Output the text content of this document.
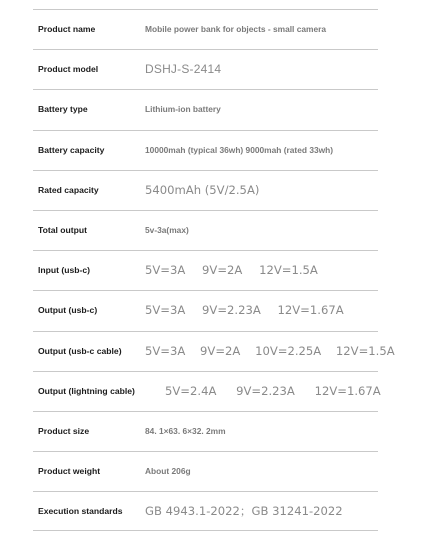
Product name	Mobile power bank for objects - small camera
Product model	DSHJ-S-2414
Battery type	Lithium-ion battery
Battery capacity	10000mah (typical 36wh) 9000mah (rated 33wh)
Rated capacity	5400mAh (5V/2.5A)
Total output	5v-3a(max)
Input (usb-c)	5V=3A 9V=2A 12V=1.5A
Output (usb-c)	5V=3A 9V=2.23A 12V=1.67A
Output (usb-c cable) 5V=3A 9V=2A 10V=2.25A 12V=1.5A
Output (lightning cable)	5V=2.4A 9V=2.23A 12V=1.67A
Product size	84. 1×63. 6×32. 2mm
Product weight	About 206g
Execution standards GB 4943.1-2022；GB 31241-2022
